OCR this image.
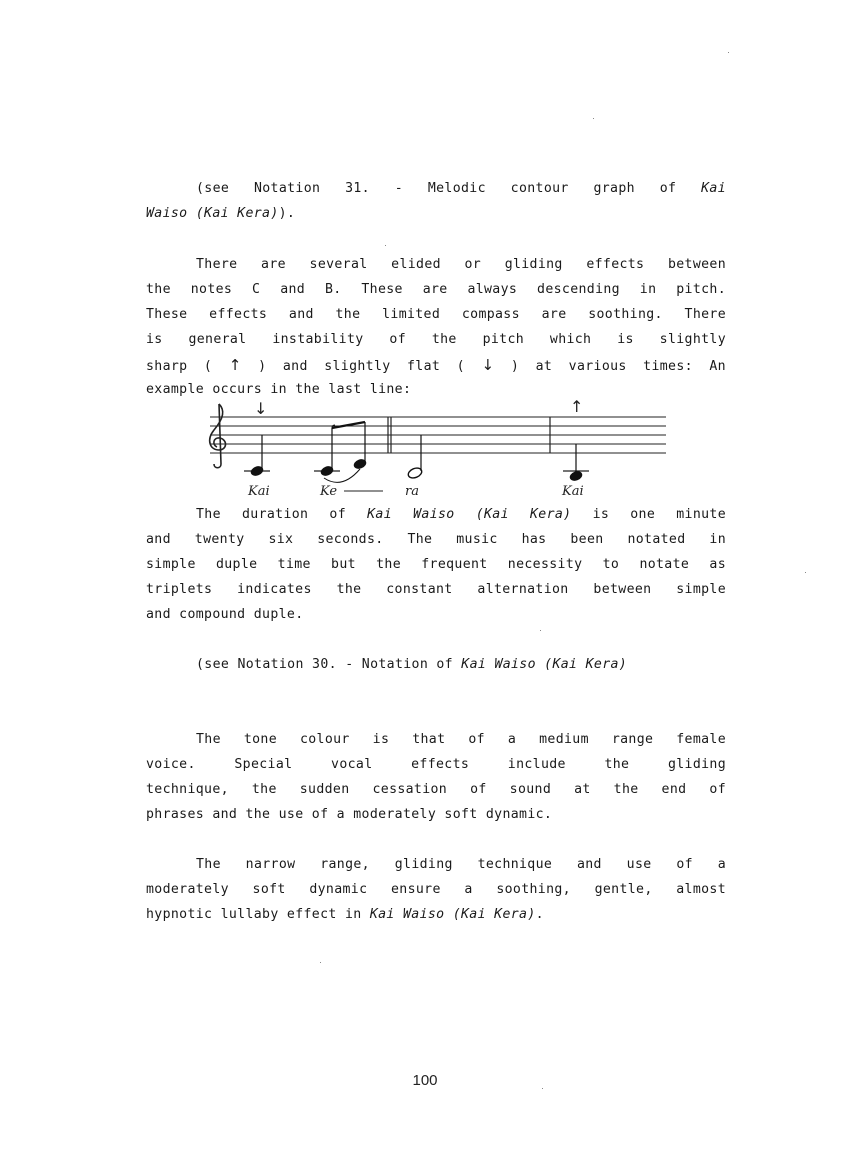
(see Notation 31. - Melodic contour graph of Kai
Waiso (Kai Kera)).
There are several elided or gliding effects between
the notes C and B. These are always descending in pitch.
These effects and the limited compass are soothing. There
is general instability of the pitch which is slightly
sharp ( ↑ ) and slightly flat ( ↓ ) at various times: An
example occurs in the last line:
↓	↑
Kai	Ke	ra	Kai
The duration of Kai Waiso (Kai Kera) is one minute
and twenty six seconds. The music has been notated in
simple duple time but the frequent necessity to notate as
triplets indicates the constant alternation between simple
and compound duple.
(see Notation 30. - Notation of Kai Waiso (Kai Kera)
The tone colour is that of a medium range female
voice. Special vocal effects include the gliding
technique, the sudden cessation of sound at the end of
phrases and the use of a moderately soft dynamic.
The narrow range, gliding technique and use of a
moderately soft dynamic ensure a soothing, gentle, almost
hypnotic lullaby effect in Kai Waiso (Kai Kera).
100
